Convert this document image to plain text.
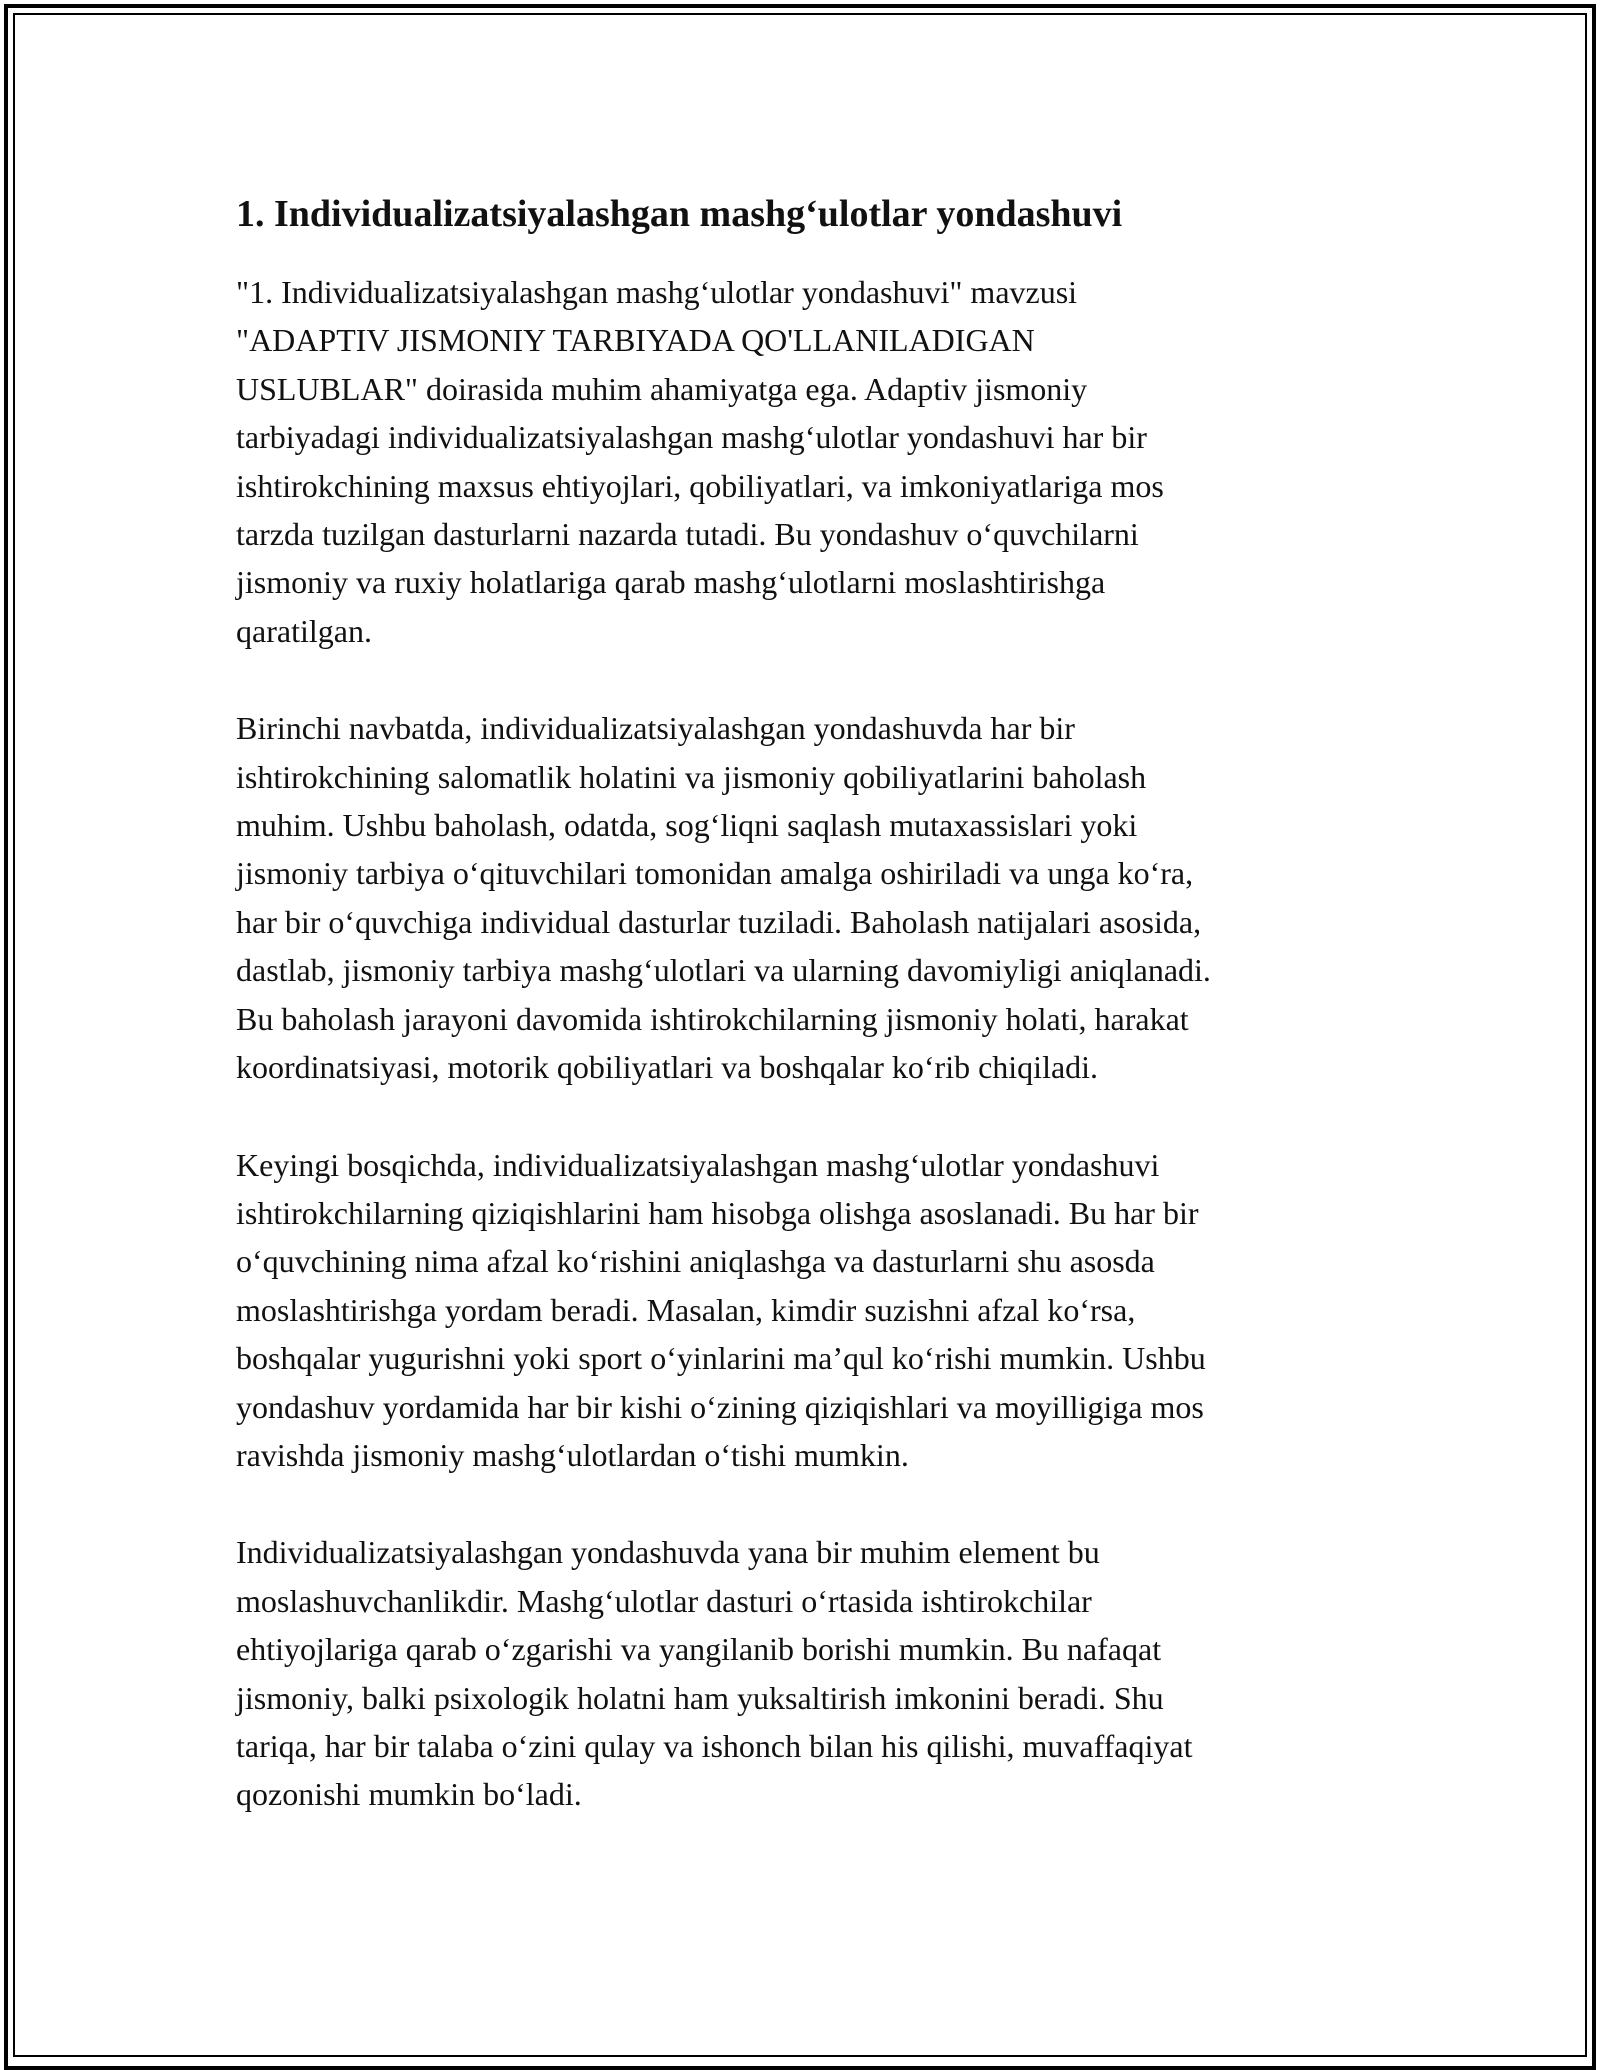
1. Individualizatsiyalashgan mashg‘ulotlar yondashuvi

"1. Individualizatsiyalashgan mashg‘ulotlar yondashuvi" mavzusi
"ADAPTIV JISMONIY TARBIYADA QO'LLANILADIGAN
USLUBLAR" doirasida muhim ahamiyatga ega. Adaptiv jismoniy
tarbiyadagi individualizatsiyalashgan mashg‘ulotlar yondashuvi har bir
ishtirokchining maxsus ehtiyojlari, qobiliyatlari, va imkoniyatlariga mos
tarzda tuzilgan dasturlarni nazarda tutadi. Bu yondashuv o‘quvchilarni
jismoniy va ruxiy holatlariga qarab mashg‘ulotlarni moslashtirishga
qaratilgan.

Birinchi navbatda, individualizatsiyalashgan yondashuvda har bir
ishtirokchining salomatlik holatini va jismoniy qobiliyatlarini baholash
muhim. Ushbu baholash, odatda, sog‘liqni saqlash mutaxassislari yoki
jismoniy tarbiya o‘qituvchilari tomonidan amalga oshiriladi va unga ko‘ra,
har bir o‘quvchiga individual dasturlar tuziladi. Baholash natijalari asosida,
dastlab, jismoniy tarbiya mashg‘ulotlari va ularning davomiyligi aniqlanadi.
Bu baholash jarayoni davomida ishtirokchilarning jismoniy holati, harakat
koordinatsiyasi, motorik qobiliyatlari va boshqalar ko‘rib chiqiladi.

Keyingi bosqichda, individualizatsiyalashgan mashg‘ulotlar yondashuvi
ishtirokchilarning qiziqishlarini ham hisobga olishga asoslanadi. Bu har bir
o‘quvchining nima afzal ko‘rishini aniqlashga va dasturlarni shu asosda
moslashtirishga yordam beradi. Masalan, kimdir suzishni afzal ko‘rsa,
boshqalar yugurishni yoki sport o‘yinlarini ma’qul ko‘rishi mumkin. Ushbu
yondashuv yordamida har bir kishi o‘zining qiziqishlari va moyilligiga mos
ravishda jismoniy mashg‘ulotlardan o‘tishi mumkin.

Individualizatsiyalashgan yondashuvda yana bir muhim element bu
moslashuvchanlikdir. Mashg‘ulotlar dasturi o‘rtasida ishtirokchilar
ehtiyojlariga qarab o‘zgarishi va yangilanib borishi mumkin. Bu nafaqat
jismoniy, balki psixologik holatni ham yuksaltirish imkonini beradi. Shu
tariqa, har bir talaba o‘zini qulay va ishonch bilan his qilishi, muvaffaqiyat
qozonishi mumkin bo‘ladi.
